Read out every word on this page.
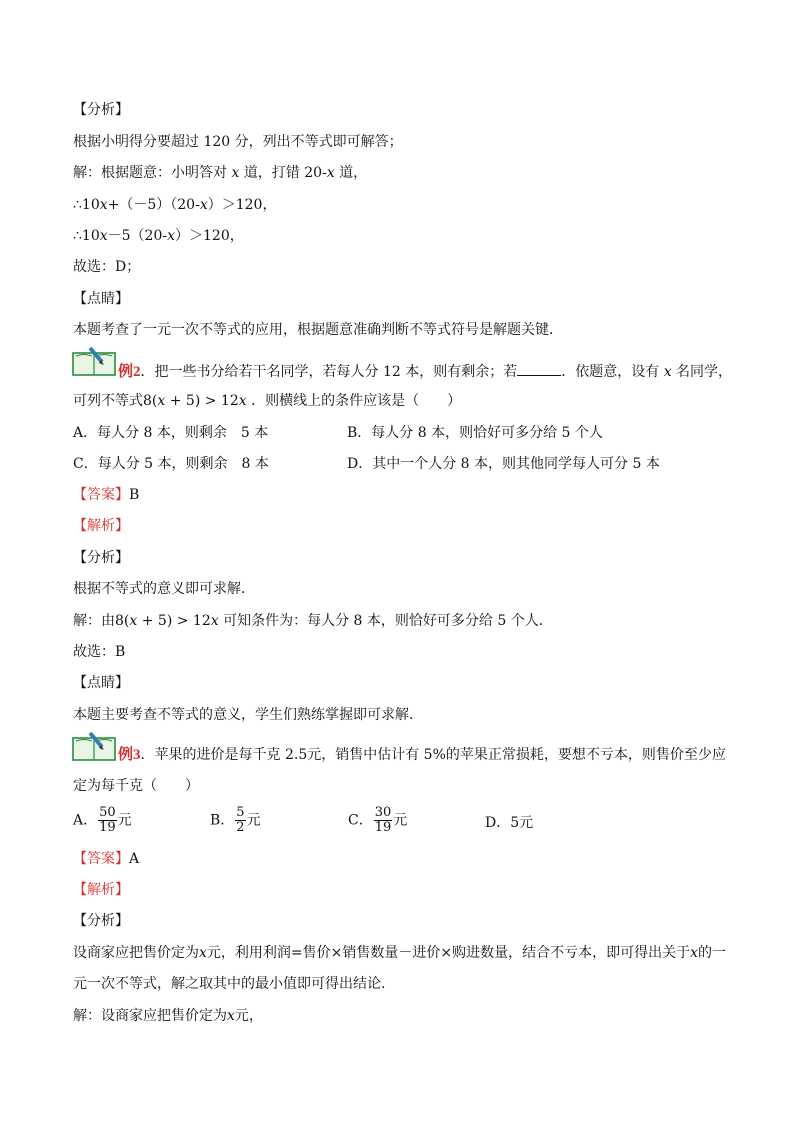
【分析】
根据小明得分要超过 120 分，列出不等式即可解答；
解：根据题意：小明答对 x 道，打错 20-x 道，
∴10x+（－5）（20-x）＞120，
∴10x－5（20-x）＞120，
故选：D；
【点睛】
本题考查了一元一次不等式的应用，根据题意准确判断不等式符号是解题关键．
例2．把一些书分给若干名同学，若每人分 12 本，则有剩余；若	．依题意，设有 x 名同学，
可列不等式8(x + 5) > 12x ．则横线上的条件应该是（　　）
A．每人分 8 本，则剩余　5 本	B．每人分 8 本，则恰好可多分给 5 个人
C．每人分 5 本，则剩余　8 本	D．其中一个人分 8 本，则其他同学每人可分 5 本
【答案】B
【解析】
【分析】
根据不等式的意义即可求解．
解：由8(x + 5) > 12x 可知条件为：每人分 8 本，则恰好可多分给 5 个人．
故选：B
【点睛】
本题主要考查不等式的意义，学生们熟练掌握即可求解．
例3．苹果的进价是每千克 2.5元，销售中估计有 5%的苹果正常损耗，要想不亏本，则售价至少应
定为每千克（　　）
A． $\frac{50}{19}$ 元	B． $\frac{5}{2}$ 元	C． $\frac{30}{19}$ 元	D．5元
【答案】A
【解析】
【分析】
设商家应把售价定为x元，利用利润=售价×销售数量－进价×购进数量，结合不亏本，即可得出关于x的一
元一次不等式，解之取其中的最小值即可得出结论．
解：设商家应把售价定为x元，
